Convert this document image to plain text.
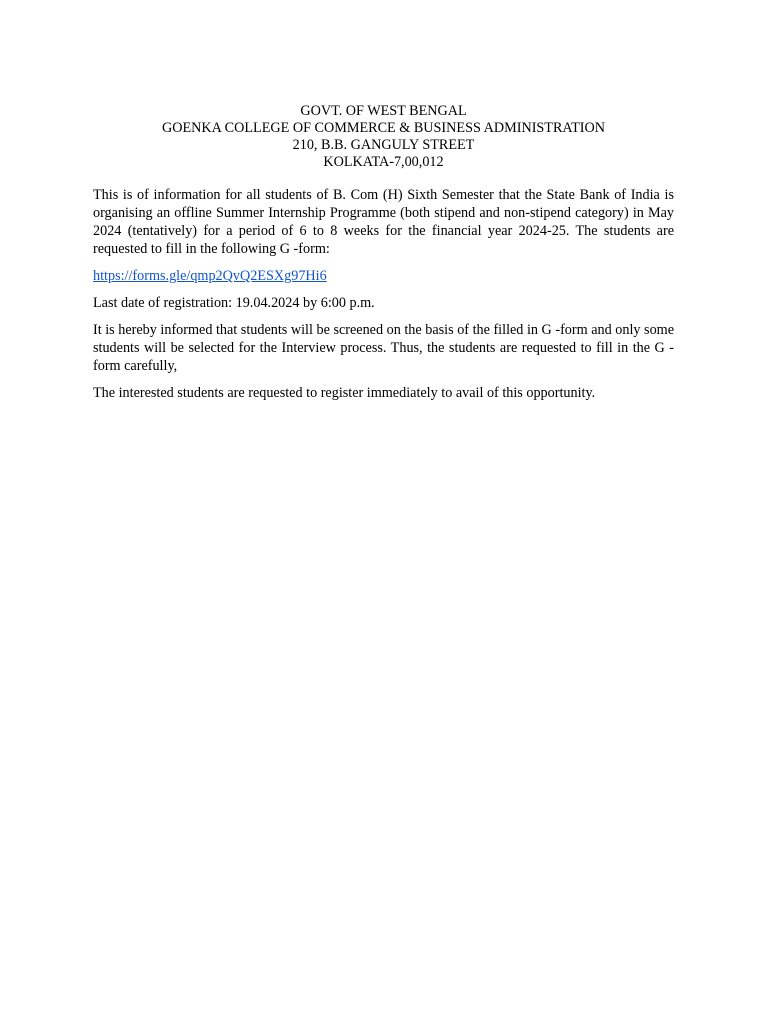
GOVT. OF WEST BENGAL
GOENKA COLLEGE OF COMMERCE & BUSINESS ADMINISTRATION
210, B.B. GANGULY STREET
KOLKATA-7,00,012

This is of information for all students of B. Com (H) Sixth Semester that the State Bank of India is organising an offline Summer Internship Programme (both stipend and non-stipend category) in May 2024 (tentatively) for a period of 6 to 8 weeks for the financial year 2024-25. The students are requested to fill in the following G -form:

https://forms.gle/qmp2QvQ2ESXg97Hi6

Last date of registration: 19.04.2024 by 6:00 p.m.

It is hereby informed that students will be screened on the basis of the filled in G -form and only some students will be selected for the Interview process. Thus, the students are requested to fill in the G -form carefully,

The interested students are requested to register immediately to avail of this opportunity.
